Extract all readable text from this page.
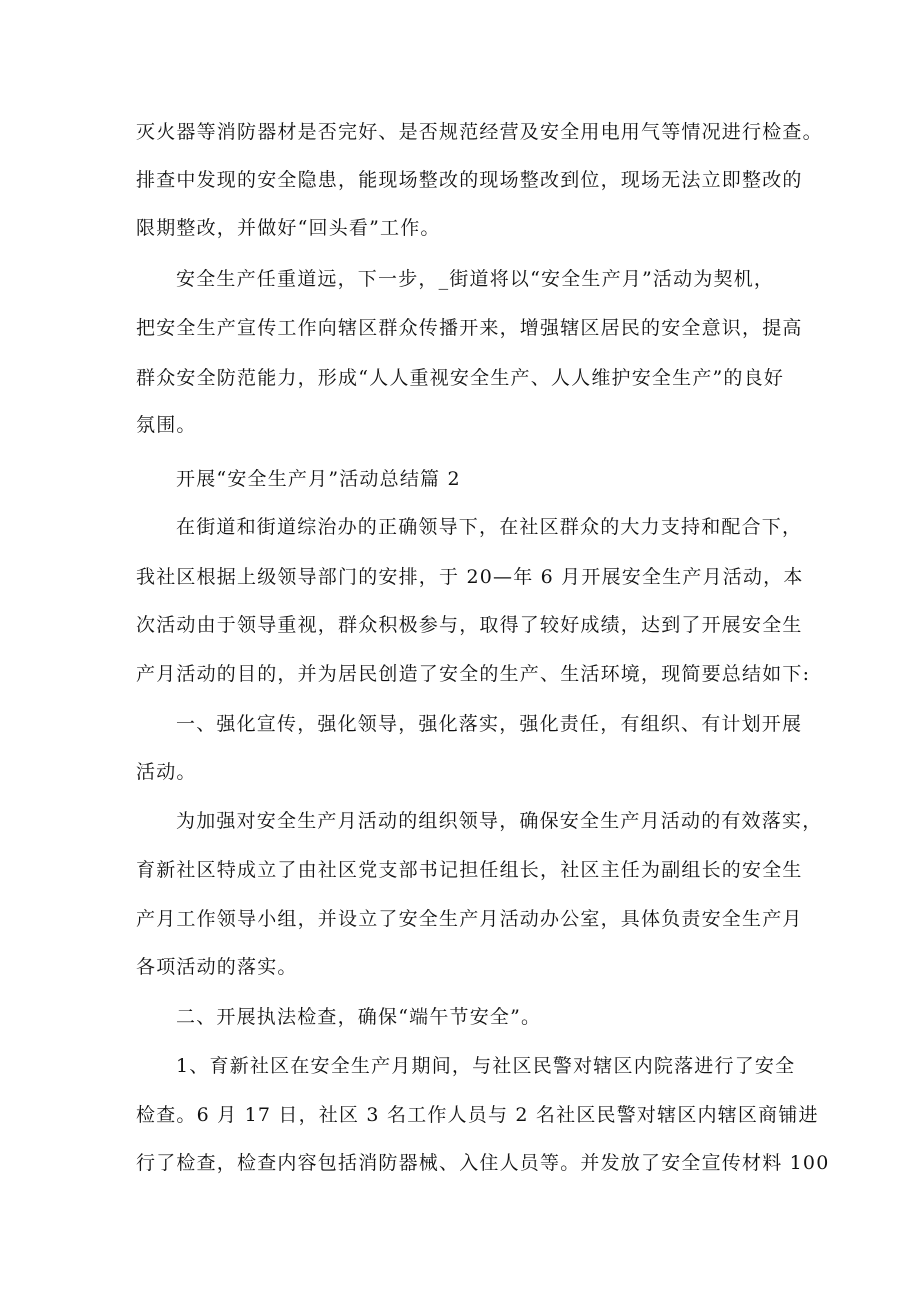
灭火器等消防器材是否完好、是否规范经营及安全用电用气等情况进行检查。
排查中发现的安全隐患，能现场整改的现场整改到位，现场无法立即整改的
限期整改，并做好“回头看”工作。
安全生产任重道远，下一步，_街道将以“安全生产月”活动为契机，
把安全生产宣传工作向辖区群众传播开来，增强辖区居民的安全意识，提高
群众安全防范能力，形成“人人重视安全生产、人人维护安全生产”的良好
氛围。
开展“安全生产月”活动总结篇 2
在街道和街道综治办的正确领导下，在社区群众的大力支持和配合下，
我社区根据上级领导部门的安排，于 20—年 6 月开展安全生产月活动，本
次活动由于领导重视，群众积极参与，取得了较好成绩，达到了开展安全生
产月活动的目的，并为居民创造了安全的生产、生活环境，现简要总结如下:
一、强化宣传，强化领导，强化落实，强化责任，有组织、有计划开展
活动。
为加强对安全生产月活动的组织领导，确保安全生产月活动的有效落实，
育新社区特成立了由社区党支部书记担任组长，社区主任为副组长的安全生
产月工作领导小组，并设立了安全生产月活动办公室，具体负责安全生产月
各项活动的落实。
二、开展执法检查，确保“端午节安全”。
1、育新社区在安全生产月期间，与社区民警对辖区内院落进行了安全
检查。6 月 17 日，社区 3 名工作人员与 2 名社区民警对辖区内辖区商铺进
行了检查，检查内容包括消防器械、入住人员等。并发放了安全宣传材料 100
